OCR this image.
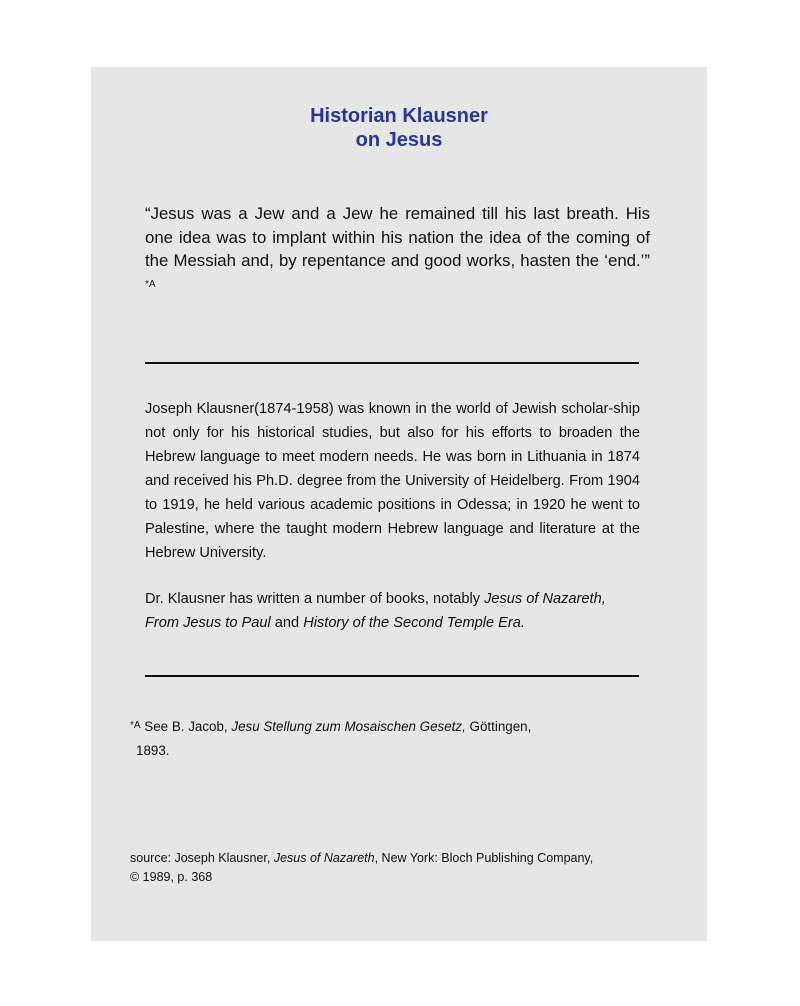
Historian Klausner
on Jesus
“Jesus was a Jew and a Jew he remained till his last breath. His one idea was to implant within his nation the idea of the coming of the Messiah and, by repentance and good works, hasten the ‘end.’” $^{*A}$
Joseph Klausner(1874-1958) was known in the world of Jewish scholar-ship not only for his historical studies, but also for his efforts to broaden the Hebrew language to meet modern needs. He was born in Lithuania in 1874 and received his Ph.D. degree from the University of Heidelberg. From 1904 to 1919, he held various academic positions in Odessa; in 1920 he went to Palestine, where the taught modern Hebrew language and literature at the Hebrew University.
Dr. Klausner has written a number of books, notably Jesus of Nazareth, From Jesus to Paul and History of the Second Temple Era.
$^{*A}$ See B. Jacob, Jesu Stellung zum Mosaischen Gesetz, Göttingen,
1893.
source: Joseph Klausner, Jesus of Nazareth, New York: Bloch Publishing Company,
© 1989, p. 368
